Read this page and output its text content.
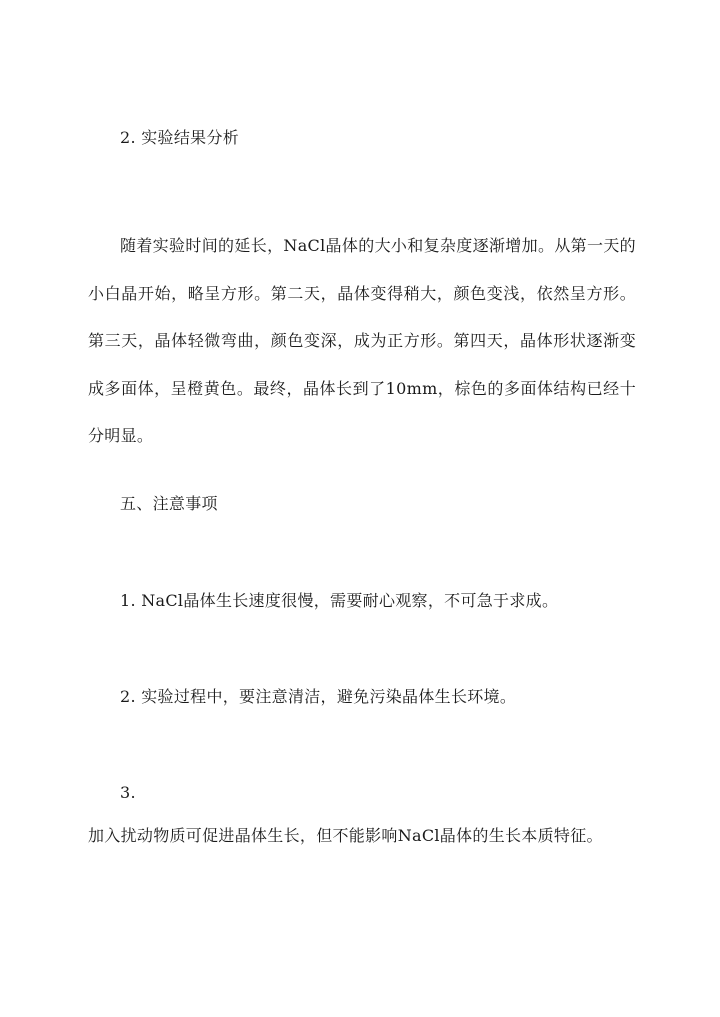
2. 实验结果分析

随着实验时间的延长，NaCl晶体的大小和复杂度逐渐增加。从第一天的小白晶开始，略呈方形。第二天，晶体变得稍大，颜色变浅，依然呈方形。第三天，晶体轻微弯曲，颜色变深，成为正方形。第四天，晶体形状逐渐变成多面体，呈橙黄色。最终，晶体长到了10mm，棕色的多面体结构已经十分明显。

五、注意事项
1. NaCl晶体生长速度很慢，需要耐心观察，不可急于求成。
2. 实验过程中，要注意清洁，避免污染晶体生长环境。
3.
加入扰动物质可促进晶体生长，但不能影响NaCl晶体的生长本质特征。
